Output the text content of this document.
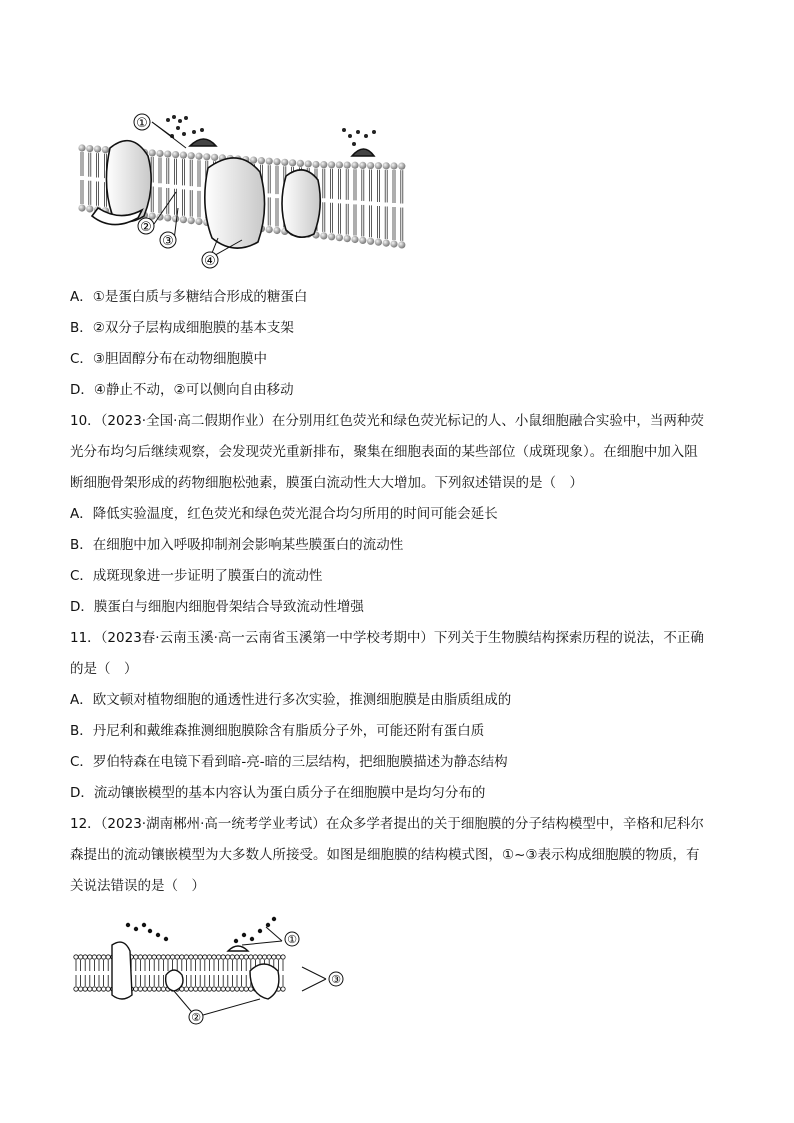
①
②
③
④
A．①是蛋白质与多糖结合形成的糖蛋白
B．②双分子层构成细胞膜的基本支架
C．③胆固醇分布在动物细胞膜中
D．④静止不动，②可以侧向自由移动
10．（2023·全国·高二假期作业）在分别用红色荧光和绿色荧光标记的人、小鼠细胞融合实验中，当两种荧
光分布均匀后继续观察，会发现荧光重新排布，聚集在细胞表面的某些部位（成斑现象）。在细胞中加入阻
断细胞骨架形成的药物细胞松弛素，膜蛋白流动性大大增加。下列叙述错误的是（　）
A．降低实验温度，红色荧光和绿色荧光混合均匀所用的时间可能会延长
B．在细胞中加入呼吸抑制剂会影响某些膜蛋白的流动性
C．成斑现象进一步证明了膜蛋白的流动性
D．膜蛋白与细胞内细胞骨架结合导致流动性增强
11．（2023春·云南玉溪·高一云南省玉溪第一中学校考期中）下列关于生物膜结构探索历程的说法，不正确
的是（　）
A．欧文顿对植物细胞的通透性进行多次实验，推测细胞膜是由脂质组成的
B．丹尼利和戴维森推测细胞膜除含有脂质分子外，可能还附有蛋白质
C．罗伯特森在电镜下看到暗-亮-暗的三层结构，把细胞膜描述为静态结构
D．流动镶嵌模型的基本内容认为蛋白质分子在细胞膜中是均匀分布的
12．（2023·湖南郴州·高一统考学业考试）在众多学者提出的关于细胞膜的分子结构模型中，辛格和尼科尔
森提出的流动镶嵌模型为大多数人所接受。如图是细胞膜的结构模式图，①~③表示构成细胞膜的物质，有
关说法错误的是（　）
①
②
③
